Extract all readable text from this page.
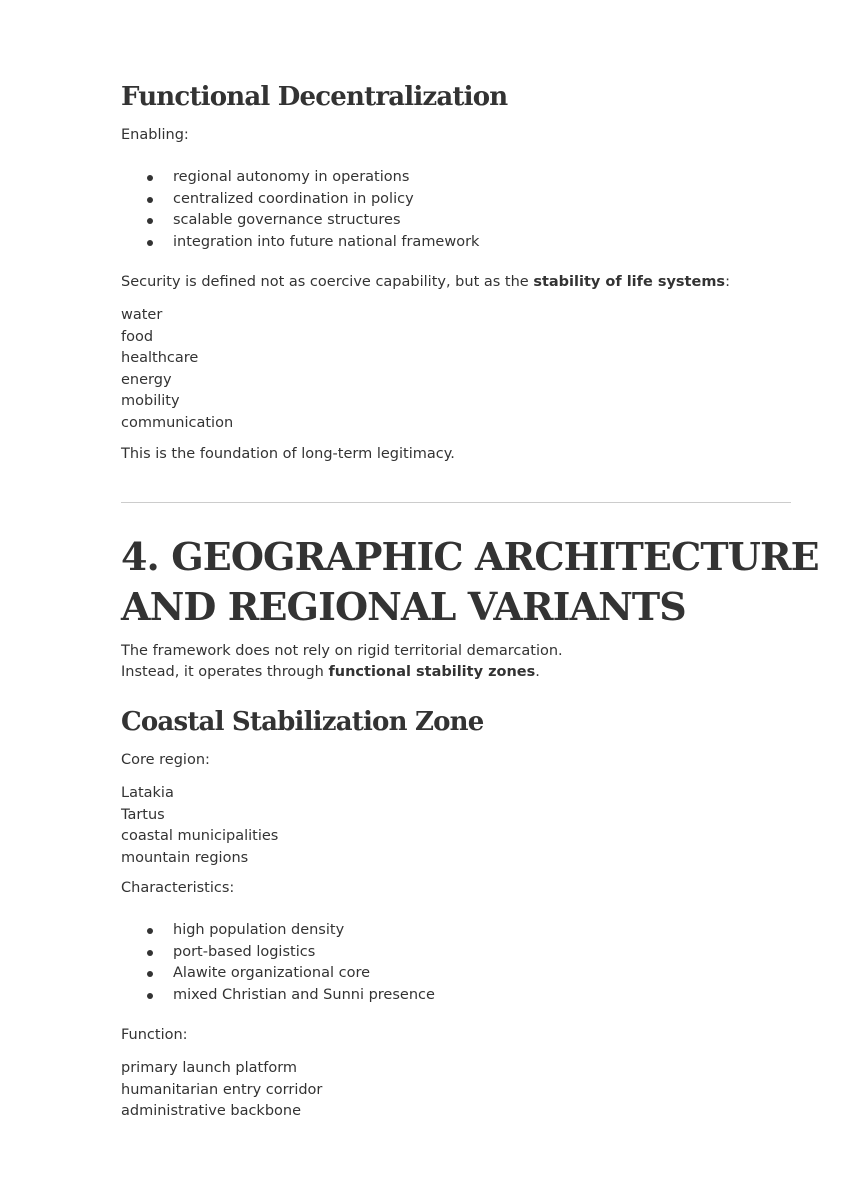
Functional Decentralization

Enabling:

regional autonomy in operations
centralized coordination in policy
scalable governance structures
integration into future national framework

Security is defined not as coercive capability, but as the stability of life systems:

water
food
healthcare
energy
mobility
communication

This is the foundation of long-term legitimacy.

4. GEOGRAPHIC ARCHITECTURE
AND REGIONAL VARIANTS

The framework does not rely on rigid territorial demarcation.

Instead, it operates through functional stability zones.

Coastal Stabilization Zone

Core region:

Latakia
Tartus
coastal municipalities
mountain regions

Characteristics:

high population density
port-based logistics
Alawite organizational core
mixed Christian and Sunni presence

Function:

primary launch platform
humanitarian entry corridor
administrative backbone
